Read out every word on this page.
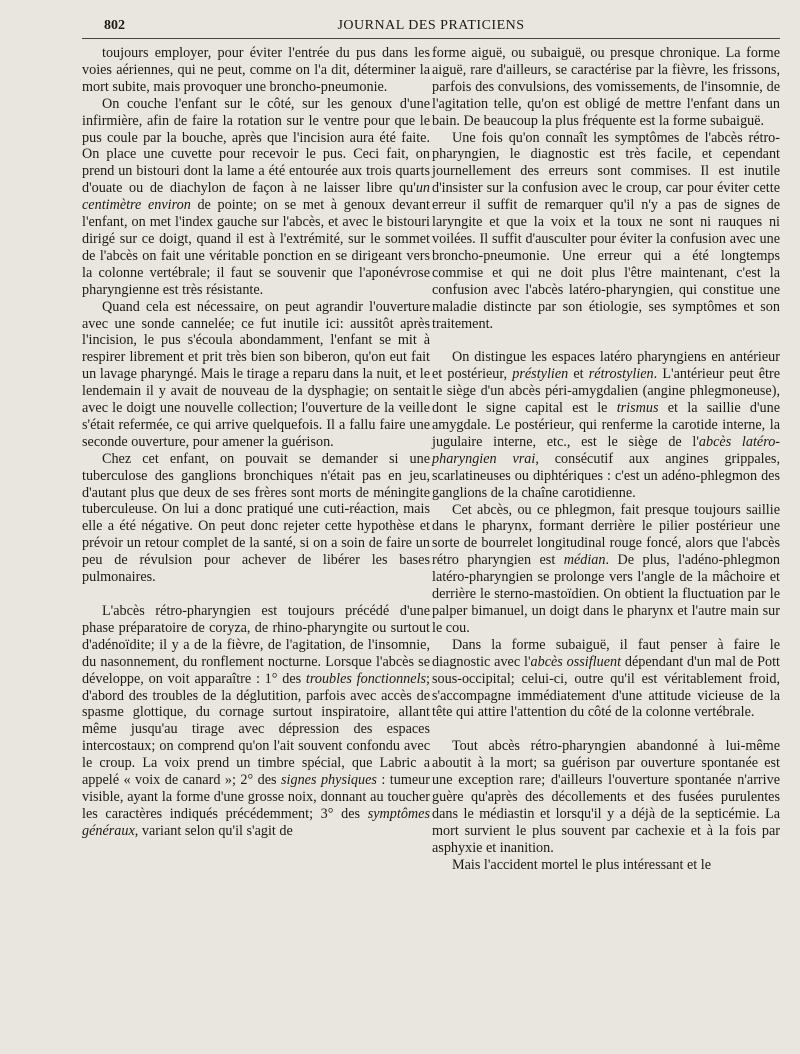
802	JOURNAL DES PRATICIENS

toujours employer, pour éviter l'entrée du pus dans les voies aériennes, qui ne peut, comme on l'a dit, déterminer la mort subite, mais provoquer une broncho-pneumonie.

On couche l'enfant sur le côté, sur les genoux d'une infirmière, afin de faire la rotation sur le ventre pour que le pus coule par la bouche, après que l'incision aura été faite. On place une cuvette pour recevoir le pus. Ceci fait, on prend un bistouri dont la lame a été entourée aux trois quarts d'ouate ou de diachylon de façon à ne laisser libre qu'un centimètre environ de pointe; on se met à genoux devant l'enfant, on met l'index gauche sur l'abcès, et avec le bistouri dirigé sur ce doigt, quand il est à l'extrémité, sur le sommet de l'abcès on fait une véritable ponction en se dirigeant vers la colonne vertébrale; il faut se souvenir que l'aponévrose pharyngienne est très résistante.

Quand cela est nécessaire, on peut agrandir l'ouverture avec une sonde cannelée; ce fut inutile ici: aussitôt après l'incision, le pus s'écoula abondamment, l'enfant se mit à respirer librement et prit très bien son biberon, qu'on eut fait un lavage pharyngé. Mais le tirage a reparu dans la nuit, et le lendemain il y avait de nouveau de la dysphagie; on sentait avec le doigt une nouvelle collection; l'ouverture de la veille s'était refermée, ce qui arrive quelquefois. Il a fallu faire une seconde ouverture, pour amener la guérison.

Chez cet enfant, on pouvait se demander si une tuberculose des ganglions bronchiques n'était pas en jeu, d'autant plus que deux de ses frères sont morts de méningite tuberculeuse. On lui a donc pratiqué une cuti-réaction, mais elle a été négative. On peut donc rejeter cette hypothèse et prévoir un retour complet de la santé, si on a soin de faire un peu de révulsion pour achever de libérer les bases pulmonaires.

L'abcès rétro-pharyngien est toujours précédé d'une phase préparatoire de coryza, de rhino-pharyngite ou surtout d'adénoïdite; il y a de la fièvre, de l'agitation, de l'insomnie, du nasonnement, du ronflement nocturne. Lorsque l'abcès se développe, on voit apparaître : 1° des troubles fonctionnels; d'abord des troubles de la déglutition, parfois avec accès de spasme glottique, du cornage surtout inspiratoire, allant même jusqu'au tirage avec dépression des espaces intercostaux; on comprend qu'on l'ait souvent confondu avec le croup. La voix prend un timbre spécial, que Labric a appelé « voix de canard »; 2° des signes physiques : tumeur visible, ayant la forme d'une grosse noix, donnant au toucher les caractères indiqués précédemment; 3° des symptômes généraux, variant selon qu'il s'agit de

forme aiguë, ou subaiguë, ou presque chronique. La forme aiguë, rare d'ailleurs, se caractérise par la fièvre, les frissons, parfois des convulsions, des vomissements, de l'insomnie, de l'agitation telle, qu'on est obligé de mettre l'enfant dans un bain. De beaucoup la plus fréquente est la forme subaiguë.

Une fois qu'on connaît les symptômes de l'abcès rétro-pharyngien, le diagnostic est très facile, et cependant journellement des erreurs sont commises. Il est inutile d'insister sur la confusion avec le croup, car pour éviter cette erreur il suffit de remarquer qu'il n'y a pas de signes de laryngite et que la voix et la toux ne sont ni rauques ni voilées. Il suffit d'ausculter pour éviter la confusion avec une broncho-pneumonie. Une erreur qui a été longtemps commise et qui ne doit plus l'être maintenant, c'est la confusion avec l'abcès latéro-pharyngien, qui constitue une maladie distincte par son étiologie, ses symptômes et son traitement.

On distingue les espaces latéro pharyngiens en antérieur et postérieur, préstylien et rétrostylien. L'antérieur peut être le siège d'un abcès péri-amygdalien (angine phlegmoneuse), dont le signe capital est le trismus et la saillie d'une amygdale. Le postérieur, qui renferme la carotide interne, la jugulaire interne, etc., est le siège de l'abcès latéro-pharyngien vrai, consécutif aux angines grippales, scarlatineuses ou diphtériques : c'est un adéno-phlegmon des ganglions de la chaîne carotidienne.

Cet abcès, ou ce phlegmon, fait presque toujours saillie dans le pharynx, formant derrière le pilier postérieur une sorte de bourrelet longitudinal rouge foncé, alors que l'abcès rétro pharyngien est médian. De plus, l'adéno-phlegmon latéro-pharyngien se prolonge vers l'angle de la mâchoire et derrière le sterno-mastoïdien. On obtient la fluctuation par le palper bimanuel, un doigt dans le pharynx et l'autre main sur le cou.

Dans la forme subaiguë, il faut penser à faire le diagnostic avec l'abcès ossifluent dépendant d'un mal de Pott sous-occipital; celui-ci, outre qu'il est véritablement froid, s'accompagne immédiatement d'une attitude vicieuse de la tête qui attire l'attention du côté de la colonne vertébrale.

Tout abcès rétro-pharyngien abandonné à lui-même aboutit à la mort; sa guérison par ouverture spontanée est une exception rare; d'ailleurs l'ouverture spontanée n'arrive guère qu'après des décollements et des fusées purulentes dans le médiastin et lorsqu'il y a déjà de la septicémie. La mort survient le plus souvent par cachexie et à la fois par asphyxie et inanition.

Mais l'accident mortel le plus intéressant et le
